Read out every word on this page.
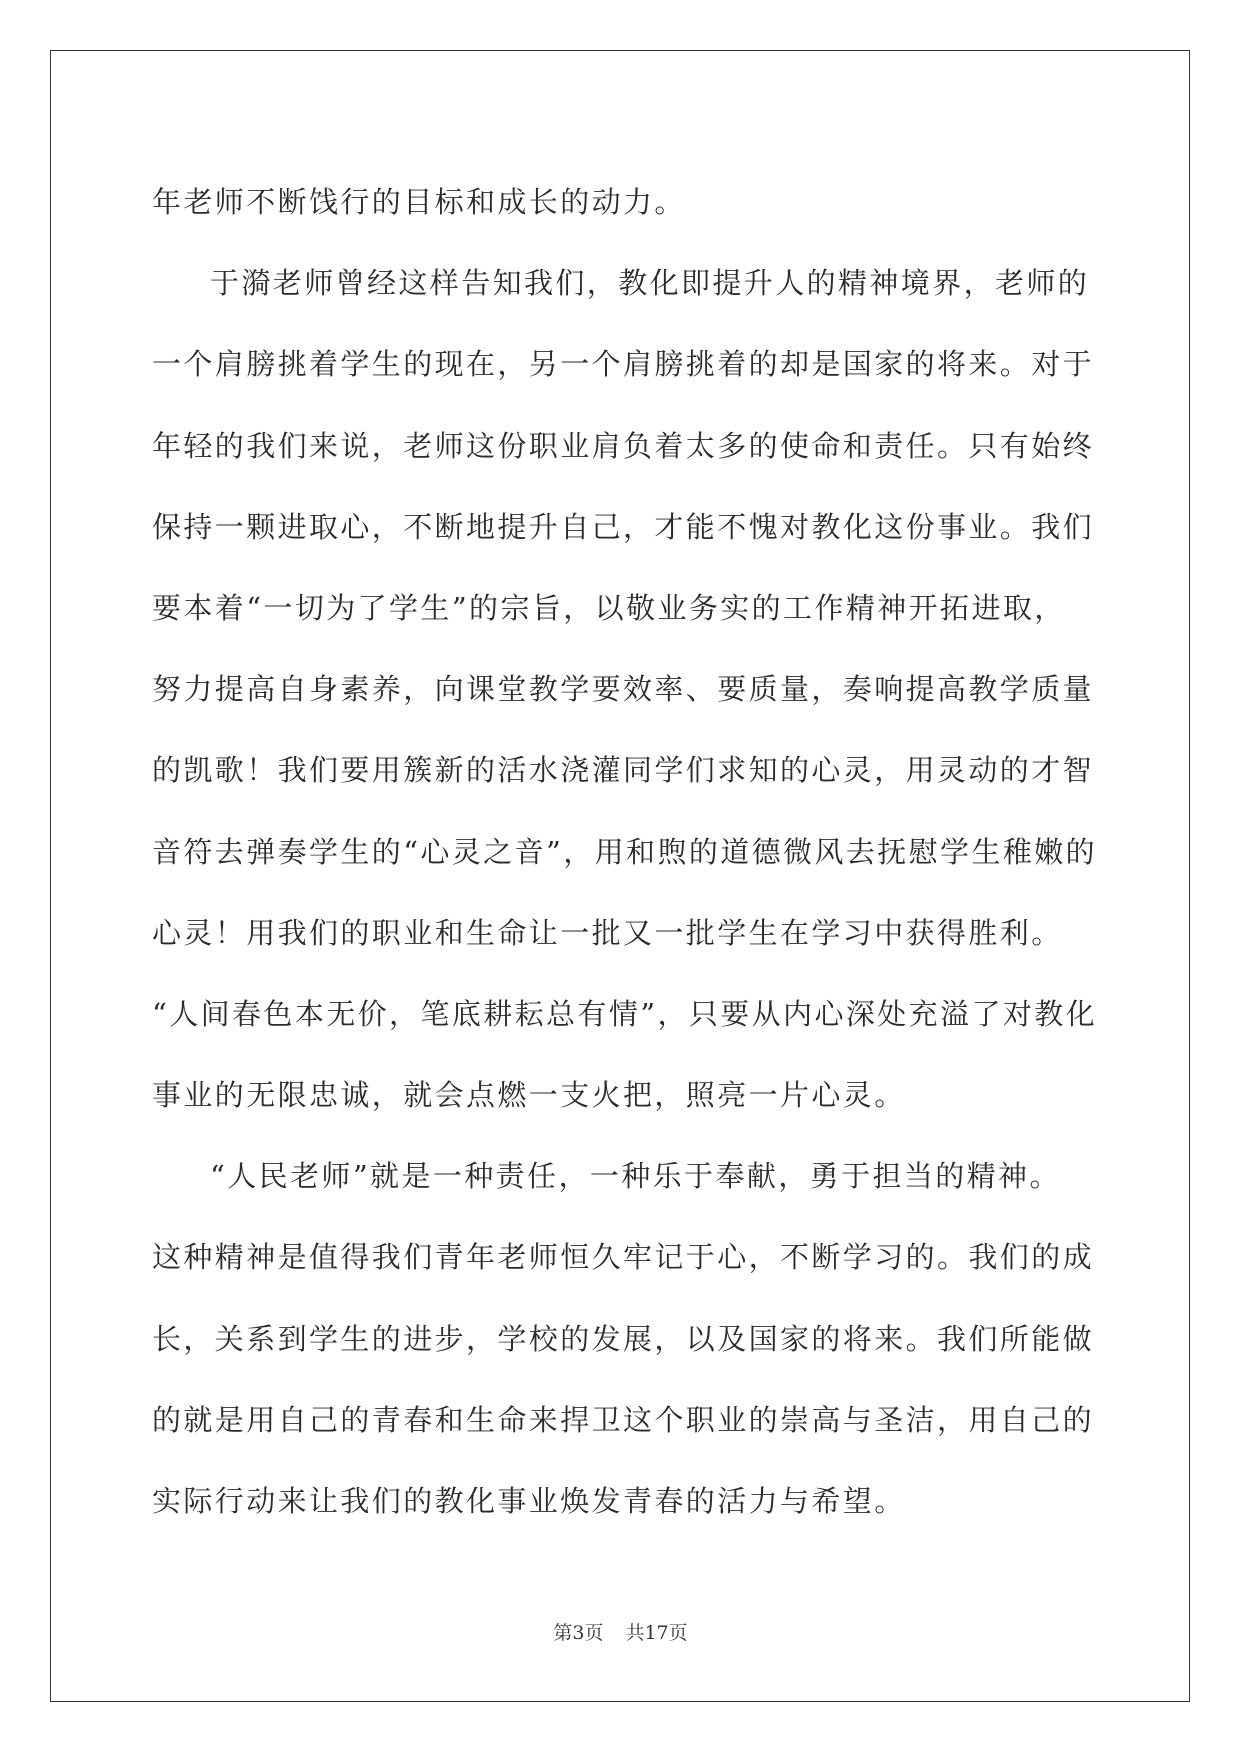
年老师不断饯行的目标和成长的动力。
于漪老师曾经这样告知我们，教化即提升人的精神境界，老师的
一个肩膀挑着学生的现在，另一个肩膀挑着的却是国家的将来。对于
年轻的我们来说，老师这份职业肩负着太多的使命和责任。只有始终
保持一颗进取心，不断地提升自己，才能不愧对教化这份事业。我们
要本着“一切为了学生”的宗旨，以敬业务实的工作精神开拓进取，
努力提高自身素养，向课堂教学要效率、要质量，奏响提高教学质量
的凯歌！我们要用簇新的活水浇灌同学们求知的心灵，用灵动的才智
音符去弹奏学生的“心灵之音”，用和煦的道德微风去抚慰学生稚嫩的
心灵！用我们的职业和生命让一批又一批学生在学习中获得胜利。
“人间春色本无价，笔底耕耘总有情”，只要从内心深处充溢了对教化
事业的无限忠诚，就会点燃一支火把，照亮一片心灵。
“人民老师”就是一种责任，一种乐于奉献，勇于担当的精神。
这种精神是值得我们青年老师恒久牢记于心，不断学习的。我们的成
长，关系到学生的进步，学校的发展，以及国家的将来。我们所能做
的就是用自己的青春和生命来捍卫这个职业的崇高与圣洁，用自己的
实际行动来让我们的教化事业焕发青春的活力与希望。
第3页 共17页
